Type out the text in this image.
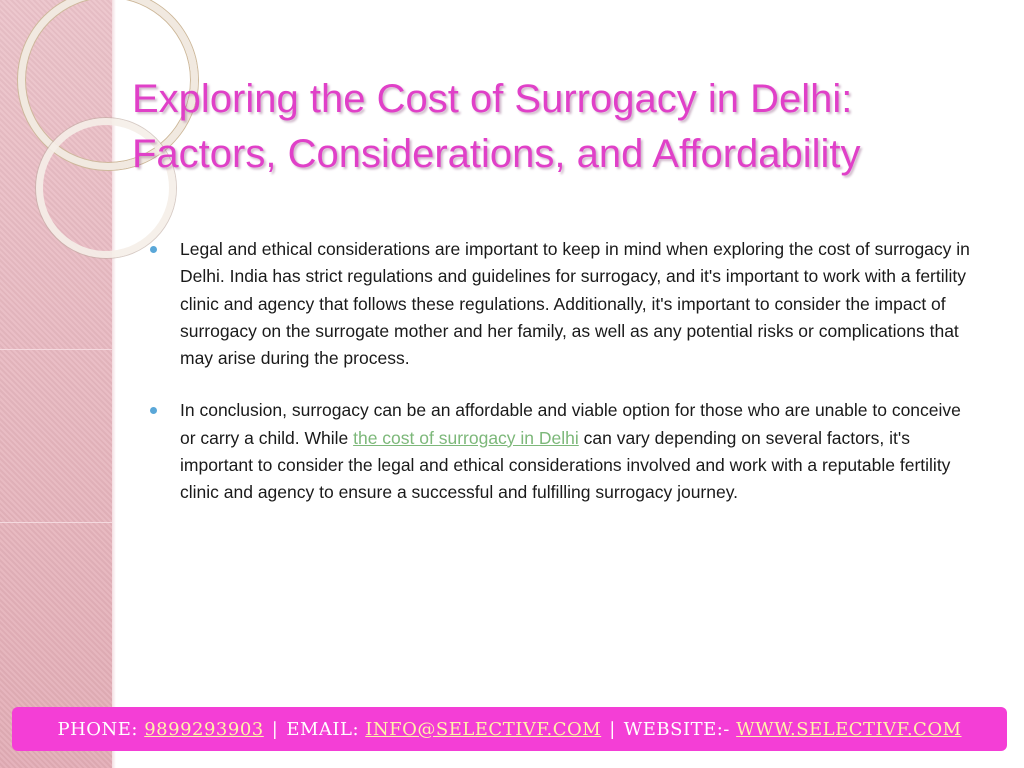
Exploring the Cost of Surrogacy in Delhi:
Factors, Considerations, and Affordability
Legal and ethical considerations are important to keep in mind when exploring the cost of surrogacy in Delhi. India has strict regulations and guidelines for surrogacy, and it's important to work with a fertility clinic and agency that follows these regulations. Additionally, it's important to consider the impact of surrogacy on the surrogate mother and her family, as well as any potential risks or complications that may arise during the process.
In conclusion, surrogacy can be an affordable and viable option for those who are unable to conceive or carry a child. While the cost of surrogacy in Delhi can vary depending on several factors, it's important to consider the legal and ethical considerations involved and work with a reputable fertility clinic and agency to ensure a successful and fulfilling surrogacy journey.
PHONE:
9899293903 | EMAIL:
INFO@SELECTIVF.COM | WEBSITE:-
WWW.SELECTIVF.COM
